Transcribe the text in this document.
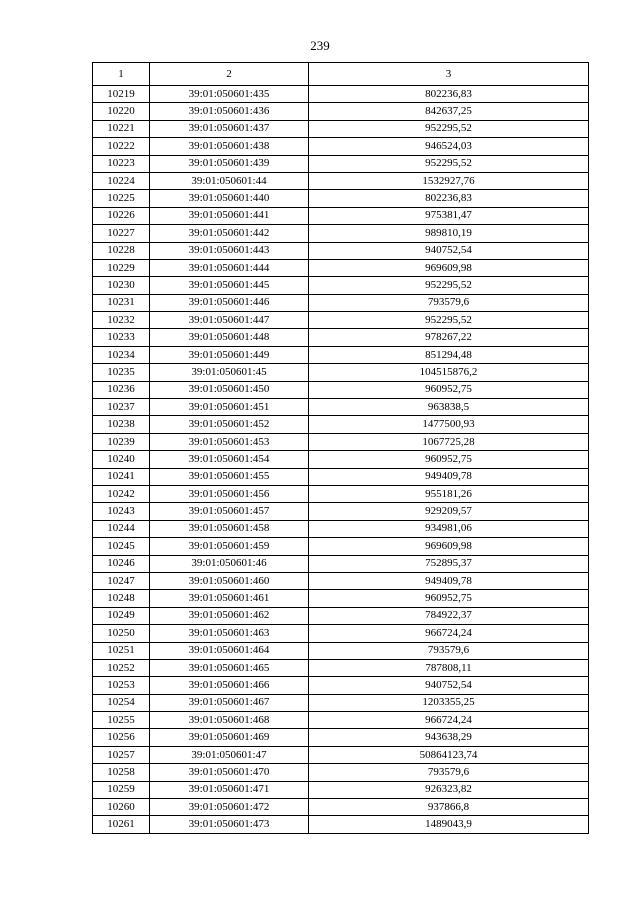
239
1	2	3
10219	39:01:050601:435	802236,83
10220	39:01:050601:436	842637,25
10221	39:01:050601:437	952295,52
10222	39:01:050601:438	946524,03
10223	39:01:050601:439	952295,52
10224	39:01:050601:44	1532927,76
10225	39:01:050601:440	802236,83
10226	39:01:050601:441	975381,47
10227	39:01:050601:442	989810,19
10228	39:01:050601:443	940752,54
10229	39:01:050601:444	969609,98
10230	39:01:050601:445	952295,52
10231	39:01:050601:446	793579,6
10232	39:01:050601:447	952295,52
10233	39:01:050601:448	978267,22
10234	39:01:050601:449	851294,48
10235	39:01:050601:45	104515876,2
10236	39:01:050601:450	960952,75
10237	39:01:050601:451	963838,5
10238	39:01:050601:452	1477500,93
10239	39:01:050601:453	1067725,28
10240	39:01:050601:454	960952,75
10241	39:01:050601:455	949409,78
10242	39:01:050601:456	955181,26
10243	39:01:050601:457	929209,57
10244	39:01:050601:458	934981,06
10245	39:01:050601:459	969609,98
10246	39:01:050601:46	752895,37
10247	39:01:050601:460	949409,78
10248	39:01:050601:461	960952,75
10249	39:01:050601:462	784922,37
10250	39:01:050601:463	966724,24
10251	39:01:050601:464	793579,6
10252	39:01:050601:465	787808,11
10253	39:01:050601:466	940752,54
10254	39:01:050601:467	1203355,25
10255	39:01:050601:468	966724,24
10256	39:01:050601:469	943638,29
10257	39:01:050601:47	50864123,74
10258	39:01:050601:470	793579,6
10259	39:01:050601:471	926323,82
10260	39:01:050601:472	937866,8
10261	39:01:050601:473	1489043,9
